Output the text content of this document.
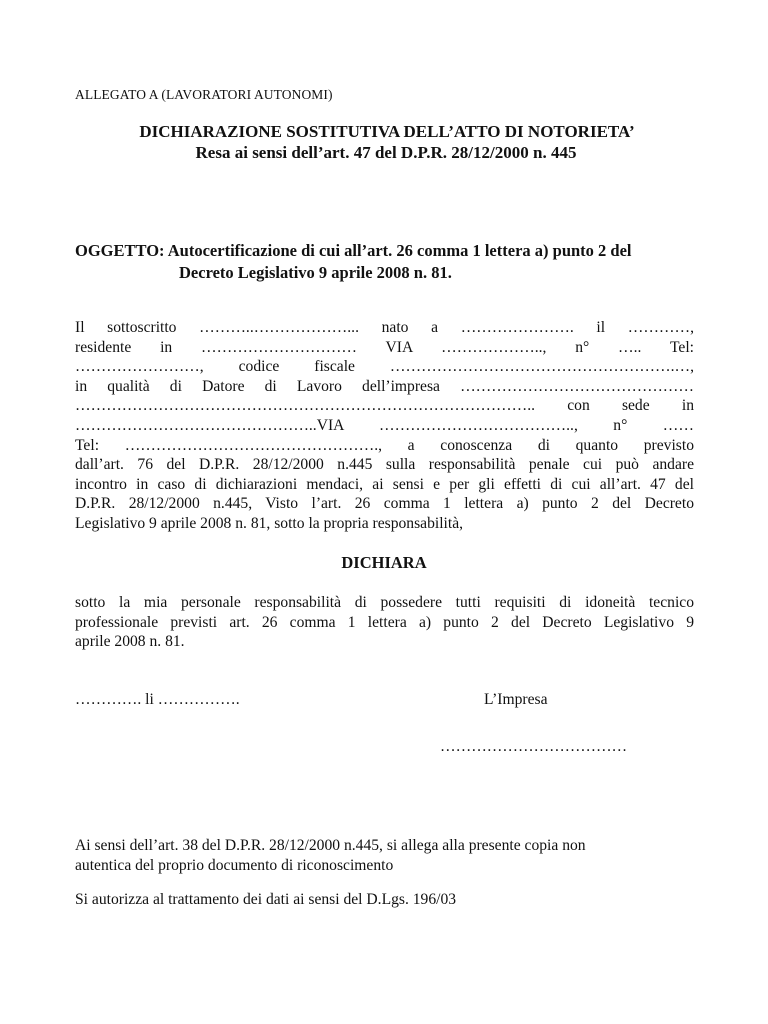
ALLEGATO A (LAVORATORI AUTONOMI)
DICHIARAZIONE SOSTITUTIVA DELL’ATTO DI NOTORIETA’
Resa ai sensi dell’art. 47 del D.P.R. 28/12/2000 n. 445
OGGETTO: Autocertificazione di cui all’art. 26 comma 1 lettera a) punto 2 del
Decreto Legislativo 9 aprile 2008 n. 81.
Il sottoscritto ………..………………... nato a …………………. il …………,
residente in ………………………… VIA ……………….., n° ….. Tel:
……………………, codice fiscale ……………………………………………….…,
in qualità di Datore di Lavoro dell’impresa ………………………………………
…………………………………………………………………………….. con sede in
………………………………………..VIA ……………………………….., n° ……
Tel: …………………………………………., a conoscenza di quanto previsto
dall’art. 76 del D.P.R. 28/12/2000 n.445 sulla responsabilità penale cui può andare
incontro in caso di dichiarazioni mendaci, ai sensi e per gli effetti di cui all’art. 47 del
D.P.R. 28/12/2000 n.445, Visto l’art. 26 comma 1 lettera a) punto 2 del Decreto
Legislativo 9 aprile 2008 n. 81, sotto la propria responsabilità,
DICHIARA
sotto la mia personale responsabilità di possedere tutti requisiti di idoneità tecnico
professionale previsti art. 26 comma 1 lettera a) punto 2 del Decreto Legislativo 9
aprile 2008 n. 81.
…………. li …………….	L’Impresa
………………………………
Ai sensi dell’art. 38 del D.P.R. 28/12/2000 n.445, si allega alla presente copia non
autentica del proprio documento di riconoscimento
Si autorizza al trattamento dei dati ai sensi del D.Lgs. 196/03
